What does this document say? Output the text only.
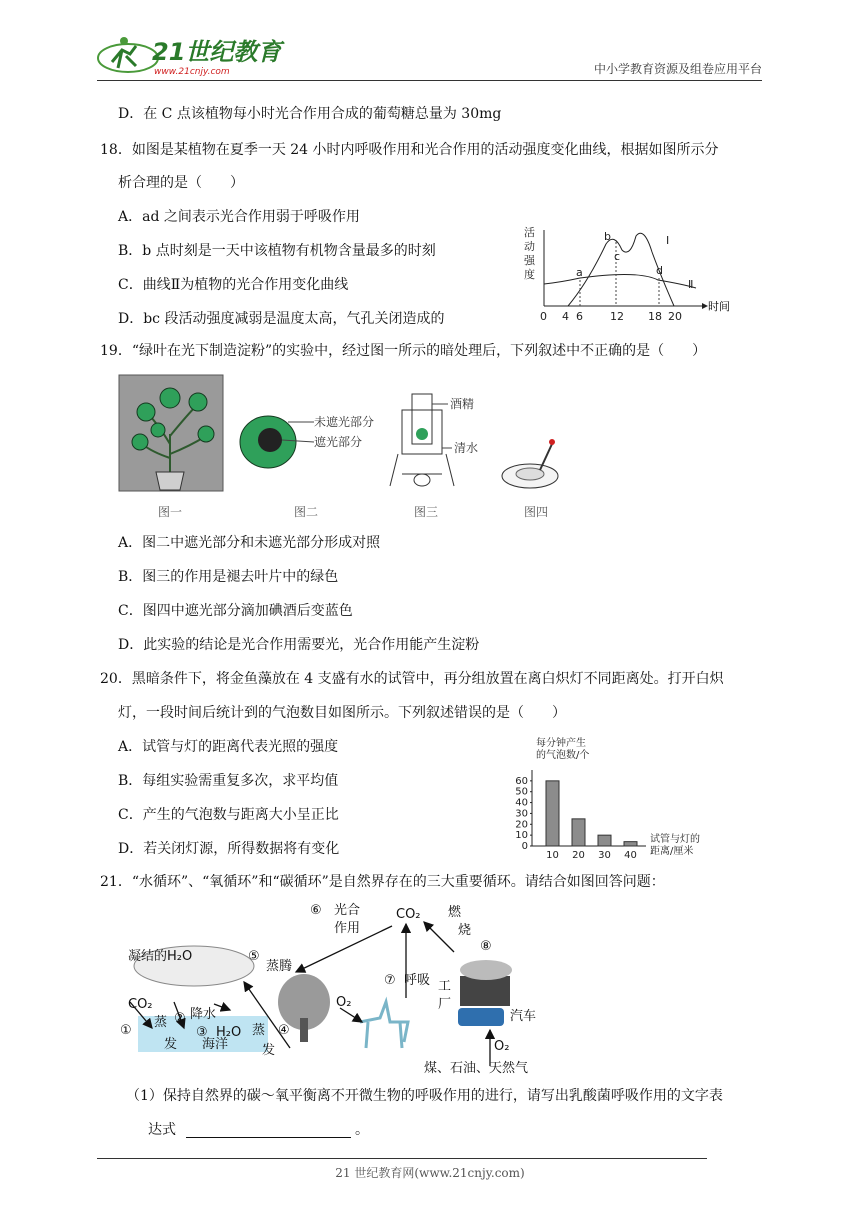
21世纪教育
www.21cnjy.com	中小学教育资源及组卷应用平台
D．在 C 点该植物每小时光合作用合成的葡萄糖总量为 30mg
18．如图是某植物在夏季一天 24 小时内呼吸作用和光合作用的活动强度变化曲线，根据如图所示分
析合理的是（　　）
A．ad 之间表示光合作用弱于呼吸作用
B．b 点时刻是一天中该植物有机物含量最多的时刻
C．曲线Ⅱ为植物的光合作用变化曲线
D．bc 段活动强度减弱是温度太高，气孔关闭造成的
活
动
强
度
时间
a
b
c
d
Ⅰ
Ⅱ
0 4 6 12 18 20
19．“绿叶在光下制造淀粉”的实验中，经过图一所示的暗处理后，下列叙述中不正确的是（　　）
未遮光部分
遮光部分
酒精
清水
图一	图二	图三	图四
A．图二中遮光部分和未遮光部分形成对照
B．图三的作用是褪去叶片中的绿色
C．图四中遮光部分滴加碘酒后变蓝色
D．此实验的结论是光合作用需要光，光合作用能产生淀粉
20．黑暗条件下，将金鱼藻放在 4 支盛有水的试管中，再分组放置在离白炽灯不同距离处。打开白炽
灯，一段时间后统计到的气泡数目如图所示。下列叙述错误的是（　　）
A．试管与灯的距离代表光照的强度
B．每组实验需重复多次，求平均值
C．产生的气泡数与距离大小呈正比
D．若关闭灯源，所得数据将有变化
每分钟产生
的气泡数/个
0
10
20
30
40
50
60
10 20 30 40
试管与灯的
距离/厘米
21．“水循环”、“氧循环”和“碳循环”是自然界存在的三大重要循环。请结合如图回答问题：
⑥ 光合
作用
CO₂ 燃
烧
⑧
凝结的H₂O	⑤
蒸腾
⑦ 呼吸
CO₂
② 降水
①
蒸
发
③ H₂O 蒸
发
④
O₂
工
厂
汽车
海洋	O₂
煤、石油、天然气
（1）保持自然界的碳～氧平衡离不开微生物的呼吸作用的进行，请写出乳酸菌呼吸作用的文字表
达式	。
21 世纪教育网(www.21cnjy.com)
